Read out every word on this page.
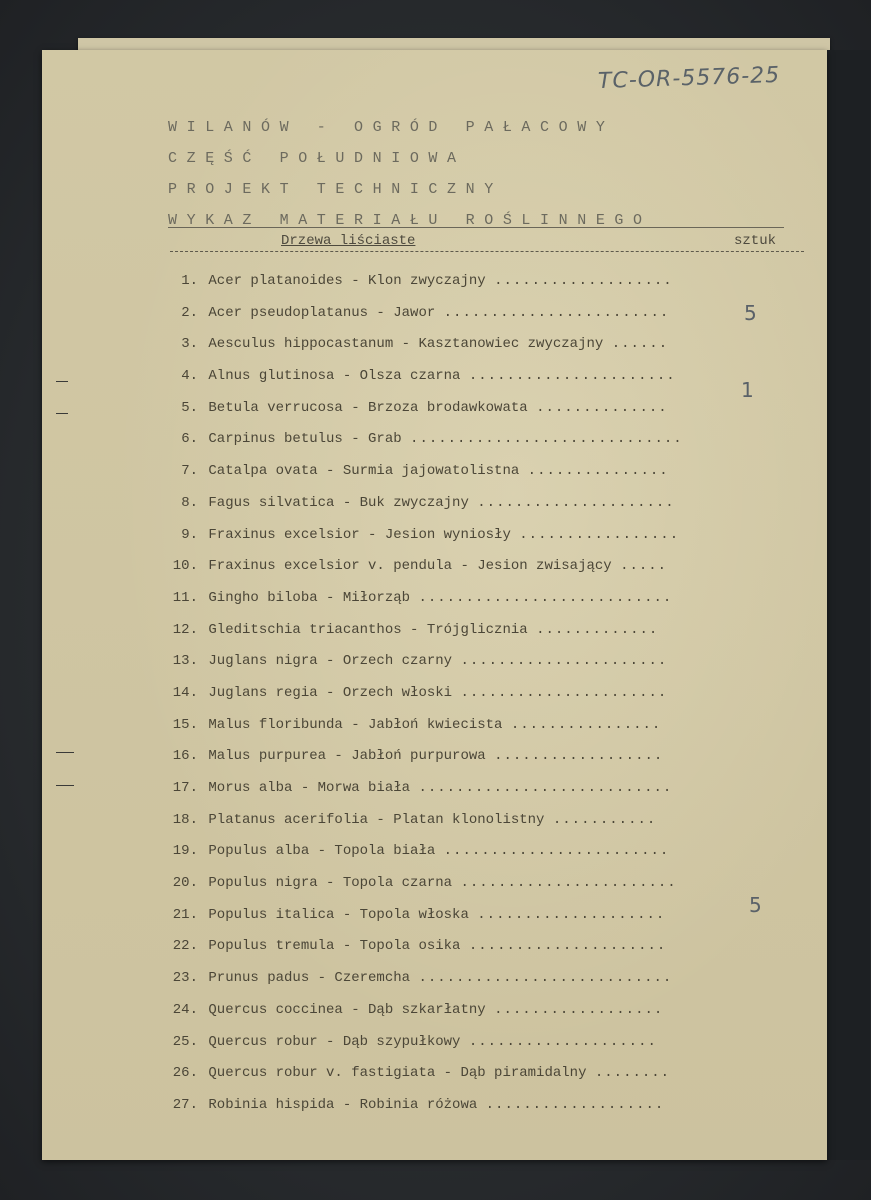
TC-OR-5576-25
WILANÓW - OGRÓD PAŁACOWY
CZĘŚĆ POŁUDNIOWA
PROJEKT TECHNICZNY
WYKAZ MATERIAŁU ROŚLINNEGO
Drzewa liściaste	sztuk
1. Acer platanoides - Klon zwyczajny ...................
2. Acer pseudoplatanus - Jawor ........................
3. Aesculus hippocastanum - Kasztanowiec zwyczajny ......
4. Alnus glutinosa - Olsza czarna ......................
5. Betula verrucosa - Brzoza brodawkowata ..............
6. Carpinus betulus - Grab .............................
7. Catalpa ovata - Surmia jajowatolistna ...............
8. Fagus silvatica - Buk zwyczajny .....................
9. Fraxinus excelsior - Jesion wyniosły .................
10. Fraxinus excelsior v. pendula - Jesion zwisający .....
11. Gingho biloba - Miłorząb ...........................
12. Gleditschia triacanthos - Trójglicznia .............
13. Juglans nigra - Orzech czarny ......................
14. Juglans regia - Orzech włoski ......................
15. Malus floribunda - Jabłoń kwiecista ................
16. Malus purpurea - Jabłoń purpurowa ..................
17. Morus alba - Morwa biała ...........................
18. Platanus acerifolia - Platan klonolistny ...........
19. Populus alba - Topola biała ........................
20. Populus nigra - Topola czarna .......................
21. Populus italica - Topola włoska ....................
22. Populus tremula - Topola osika .....................
23. Prunus padus - Czeremcha ...........................
24. Quercus coccinea - Dąb szkarłatny ..................
25. Quercus robur - Dąb szypułkowy ....................
26. Quercus robur v. fastigiata - Dąb piramidalny ........
27. Robinia hispida - Robinia różowa ...................
5
1
5
